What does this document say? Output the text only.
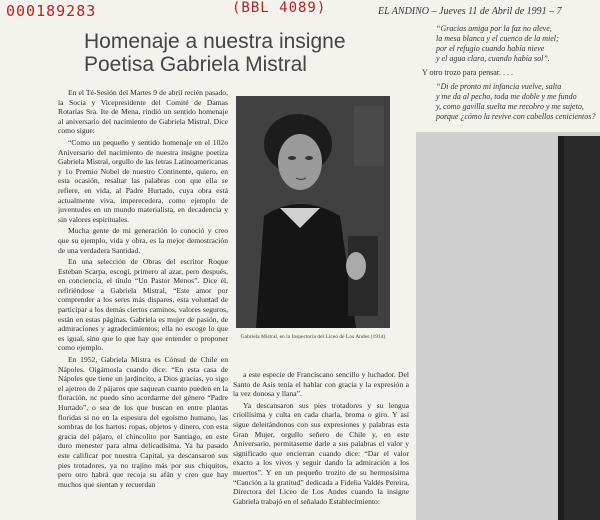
000189283	(BBL 4089)	EL ANDINO – Jueves 11 de Abril de 1991 – 7
Homenaje a nuestra insigne
Poetisa Gabriela Mistral

En el Té-Sesión del Martes 9 de abril recién pasado, la Socia y Vicepresidente del Comité de Damas Rotarias Sra. Ite de Mena, rindió un sentido homenaje al aniversario del nacimiento de Gabriela Mistral. Dice como sigue:

“Como un pequeño y sentido homenaje en el 102o Aniversario del nacimiento de nuestra insigne poetiza Gabriela Mistral, orgullo de las letras Latinoamericanas y 1o Premio Nobel de nuestro Continente, quiero, en esta ocasión, resaltar las palabras con que ella se refiere, en vida, al Padre Hurtado, cuya obra está actualmente viva, imperecedera, como ejemplo de juventudes en un mundo materialista, en decadencia y sin valores espirituales.

Mucha gente de mi generación lo conoció y creo que su ejemplo, vida y obra, es la mejor demostración de una verdadera Santidad.

En una selección de Obras del escritor Roque Esteban Scarpa, escogí, primero al azar, pero después, en conciencia, el título “Un Pastor Menos”. Dice él, refiriéndose a Gabriela Mistral, “Este amor por comprender a los seres más dispares, esta voluntad de participar a los demás ciertos caminos, valores seguros, están en estas páginas. Gabriela es mujer de pasión, de admiraciones y agradecimientos; ella no escoge lo que es igual, sino que lo que hay que entender o proponer como ejemplo.

En 1952, Gabriela Mistra es Cónsul de Chile en Nápoles. Oigámosla cuando dice: “En esta casa de Nápoles que tiene un jardincito, a Dios gracias, yo sigo el ajetreo de 2 pájaros que saquean cuanto pueden en la floración, nc puedo sino acordarme del género “Padre Hurtado”, o sea de los que buscan en entre plantas floridas si no en la espesura del egoísmo humano, las sombras de los hartos: ropas, objetos y dinero, con esta gracia del pájaro, el chincolito por Santiago, en este duro menester para alma delicadísima. Ya ha pasado este calificar por nuestra Capital, ya descansaron sus pies trotadores, ya no trajino más por sus chiquitos, pero otro habrá que recoja su afán y creo que hay muchos que sientan y recuerdan

Gabriela Mistral, en la Inspectoría del Liceo de Los Andes (1914)

a este especie de Franciscano sencillo y luchador. Del Santo de Asís tenía el hablar con gracia y la expresión a la vez donosa y llana”.

Ya descansaron sus pies trotadores y su lengua criollísima y culta en cada charla, broma o giro. Y así sigue deleitándonos con sus expresiones y palabras esta Gran Mujer, orgullo señero de Chile y, en este Aniversario, permitaseme darle a sus palabras el valor y significado que encierran cuando dice: “Dar el valor exacto a los vivos y seguir dando la admiración a los muertos”. Y en un pequeño trozito de su hermosísima “Canción a la gratitud” dedicada a Fidelia Valdés Pereira, Directora del Liceo de Los Andes cuando la insigne Gabriela trabajó en el señalado Establecimiento:

“Gracias amiga por la faz no aleve,
la mesa blanca y el cuenco de la miel;
por el refugio cuando había nieve
y el agua clara, cuando había sol”.
Y otro trozo para pensar. . . .
“Di de pronto mi infancia vuelve, salta
y me da al pecho, toda me doble y me fundo
y, como gavilla suelta me recobro y me sujeto,
porque ¿cómo la revive con cabellos cenicientos?
